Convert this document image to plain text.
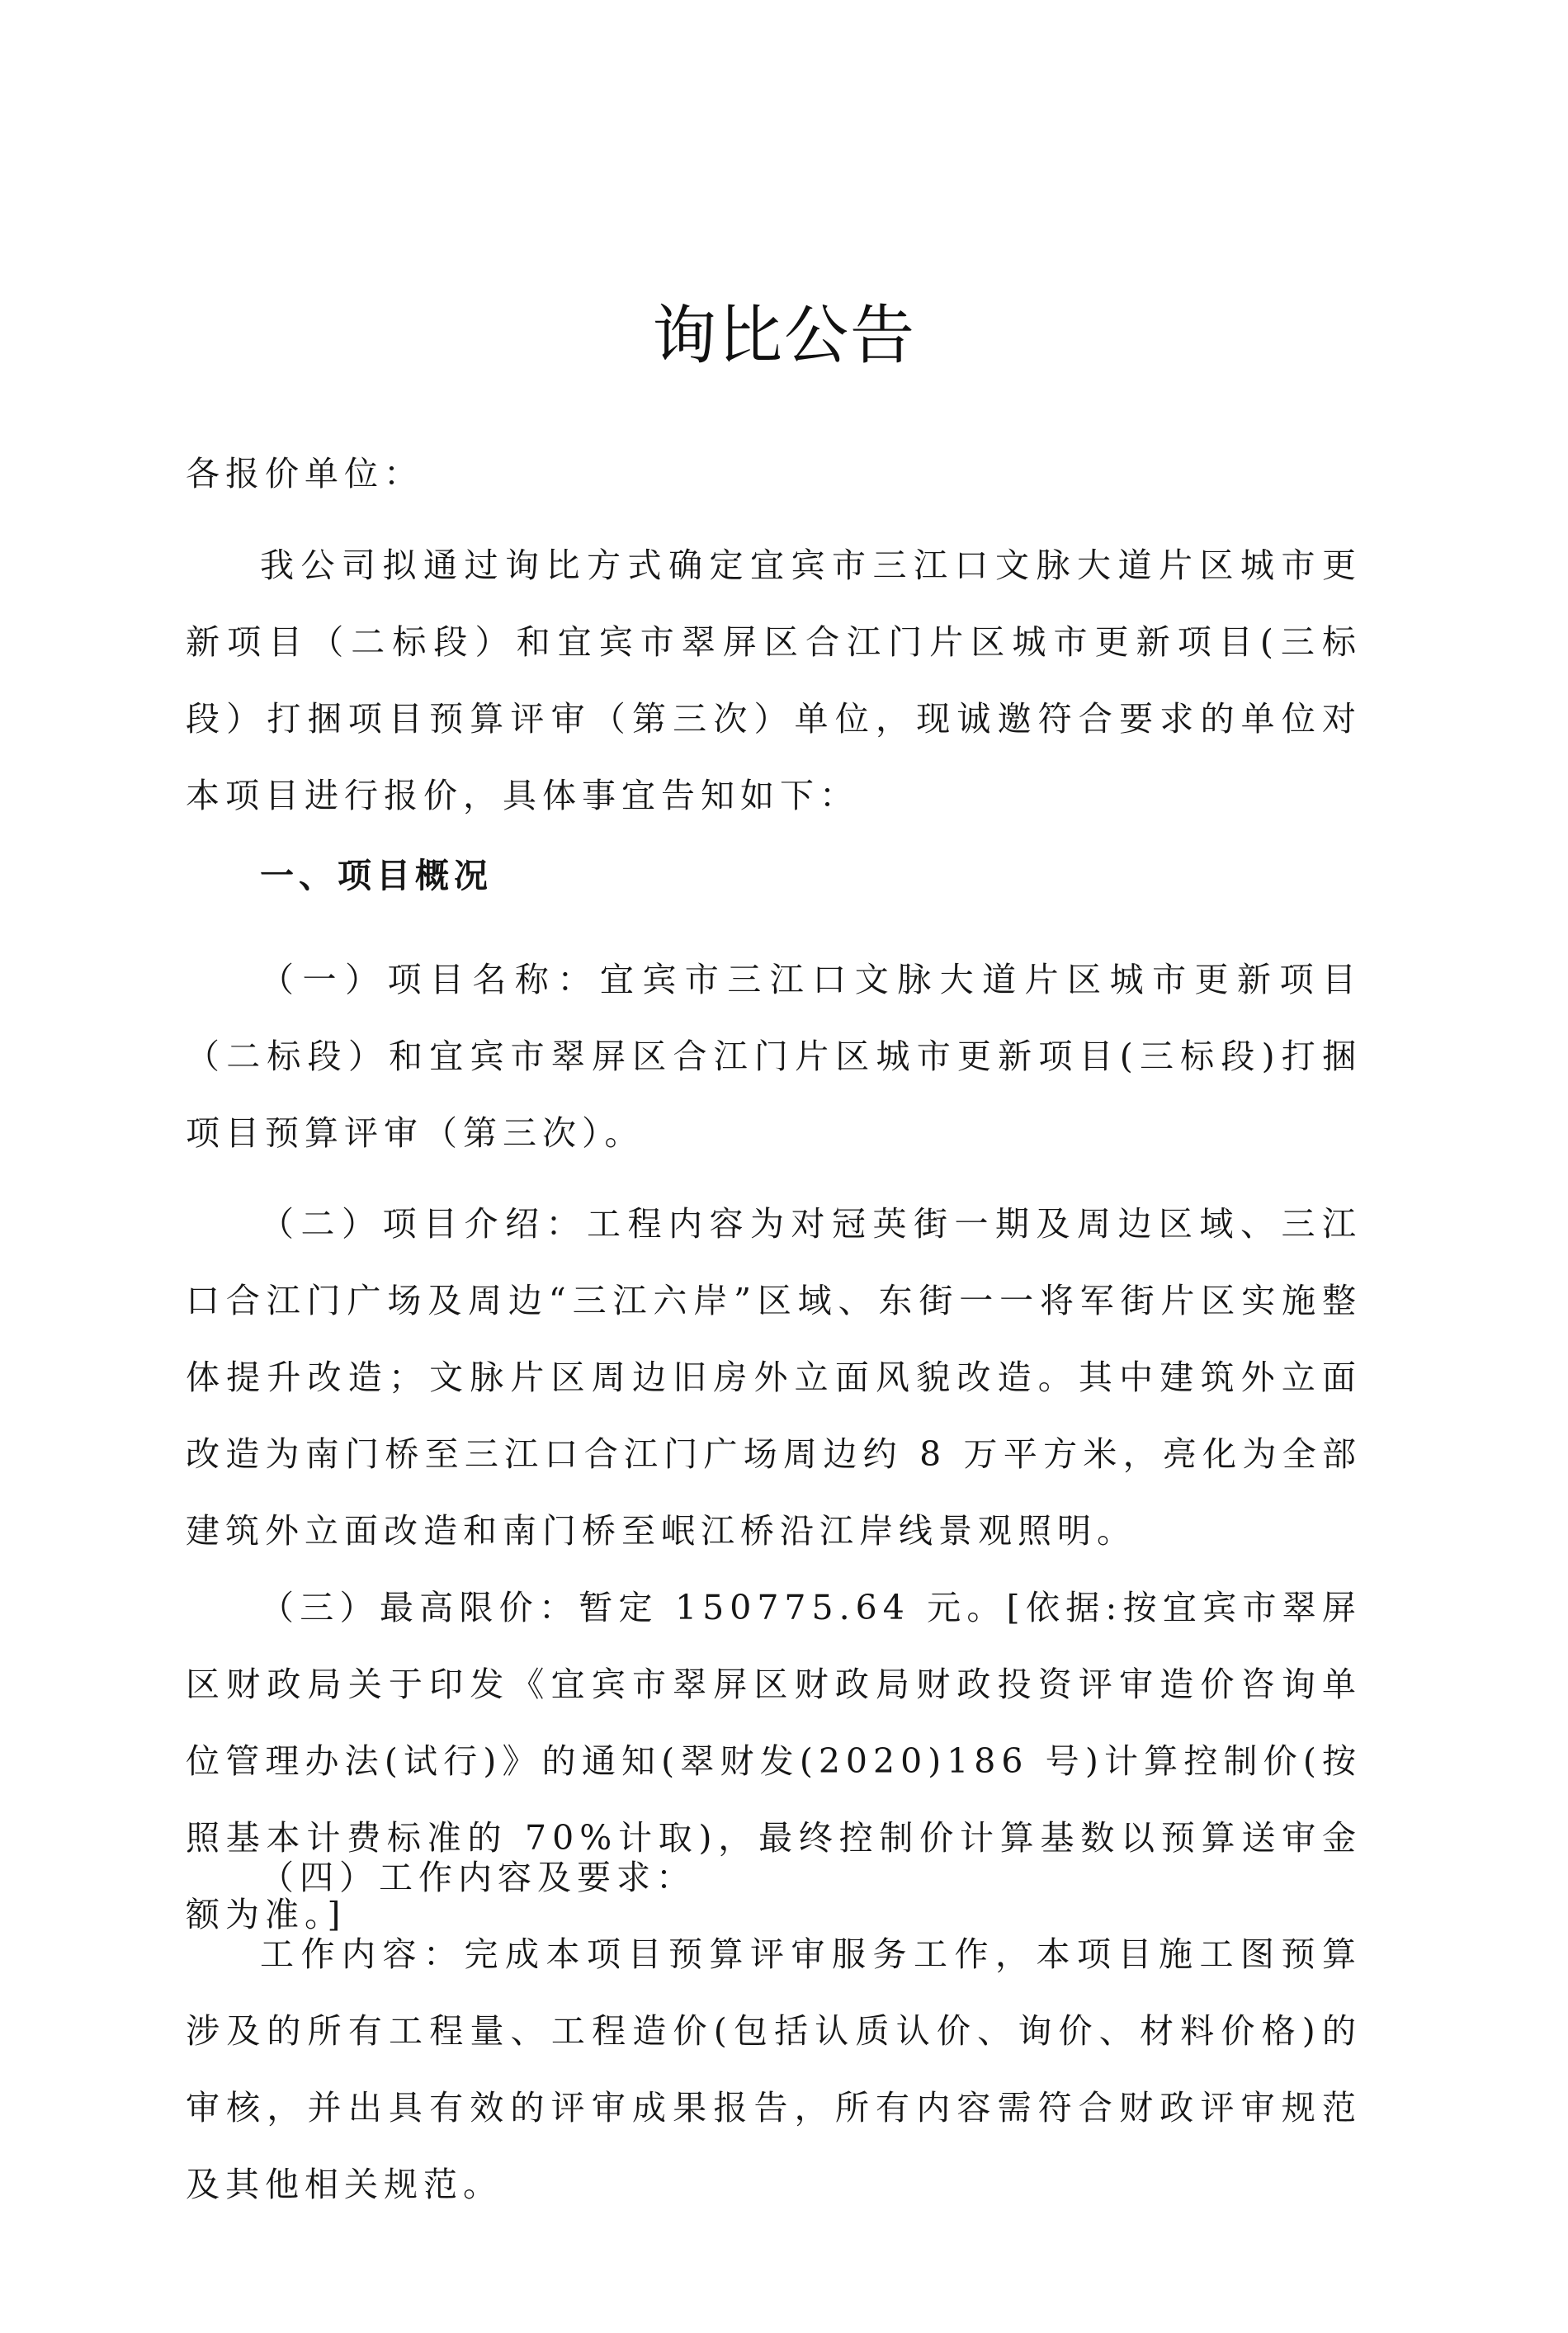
询比公告

各报价单位：

我公司拟通过询比方式确定宜宾市三江口文脉大道片区城市更新项目（二标段）和宜宾市翠屏区合江门片区城市更新项目(三标段）打捆项目预算评审（第三次）单位，现诚邀符合要求的单位对本项目进行报价，具体事宜告知如下：

一、项目概况

（一）项目名称：宜宾市三江口文脉大道片区城市更新项目（二标段）和宜宾市翠屏区合江门片区城市更新项目(三标段)打捆项目预算评审（第三次）。

（二）项目介绍：工程内容为对冠英街一期及周边区域、三江口合江门广场及周边“三江六岸”区域、东街一一将军街片区实施整体提升改造；文脉片区周边旧房外立面风貌改造。其中建筑外立面改造为南门桥至三江口合江门广场周边约 8 万平方米，亮化为全部建筑外立面改造和南门桥至岷江桥沿江岸线景观照明。

（三）最高限价：暂定 150775.64 元。[依据:按宜宾市翠屏区财政局关于印发《宜宾市翠屏区财政局财政投资评审造价咨询单位管理办法(试行)》的通知(翠财发(2020)186 号)计算控制价(按照基本计费标准的 70%计取)，最终控制价计算基数以预算送审金额为准。]

（四）工作内容及要求：

工作内容：完成本项目预算评审服务工作，本项目施工图预算涉及的所有工程量、工程造价(包括认质认价、询价、材料价格)的审核，并出具有效的评审成果报告，所有内容需符合财政评审规范及其他相关规范。
